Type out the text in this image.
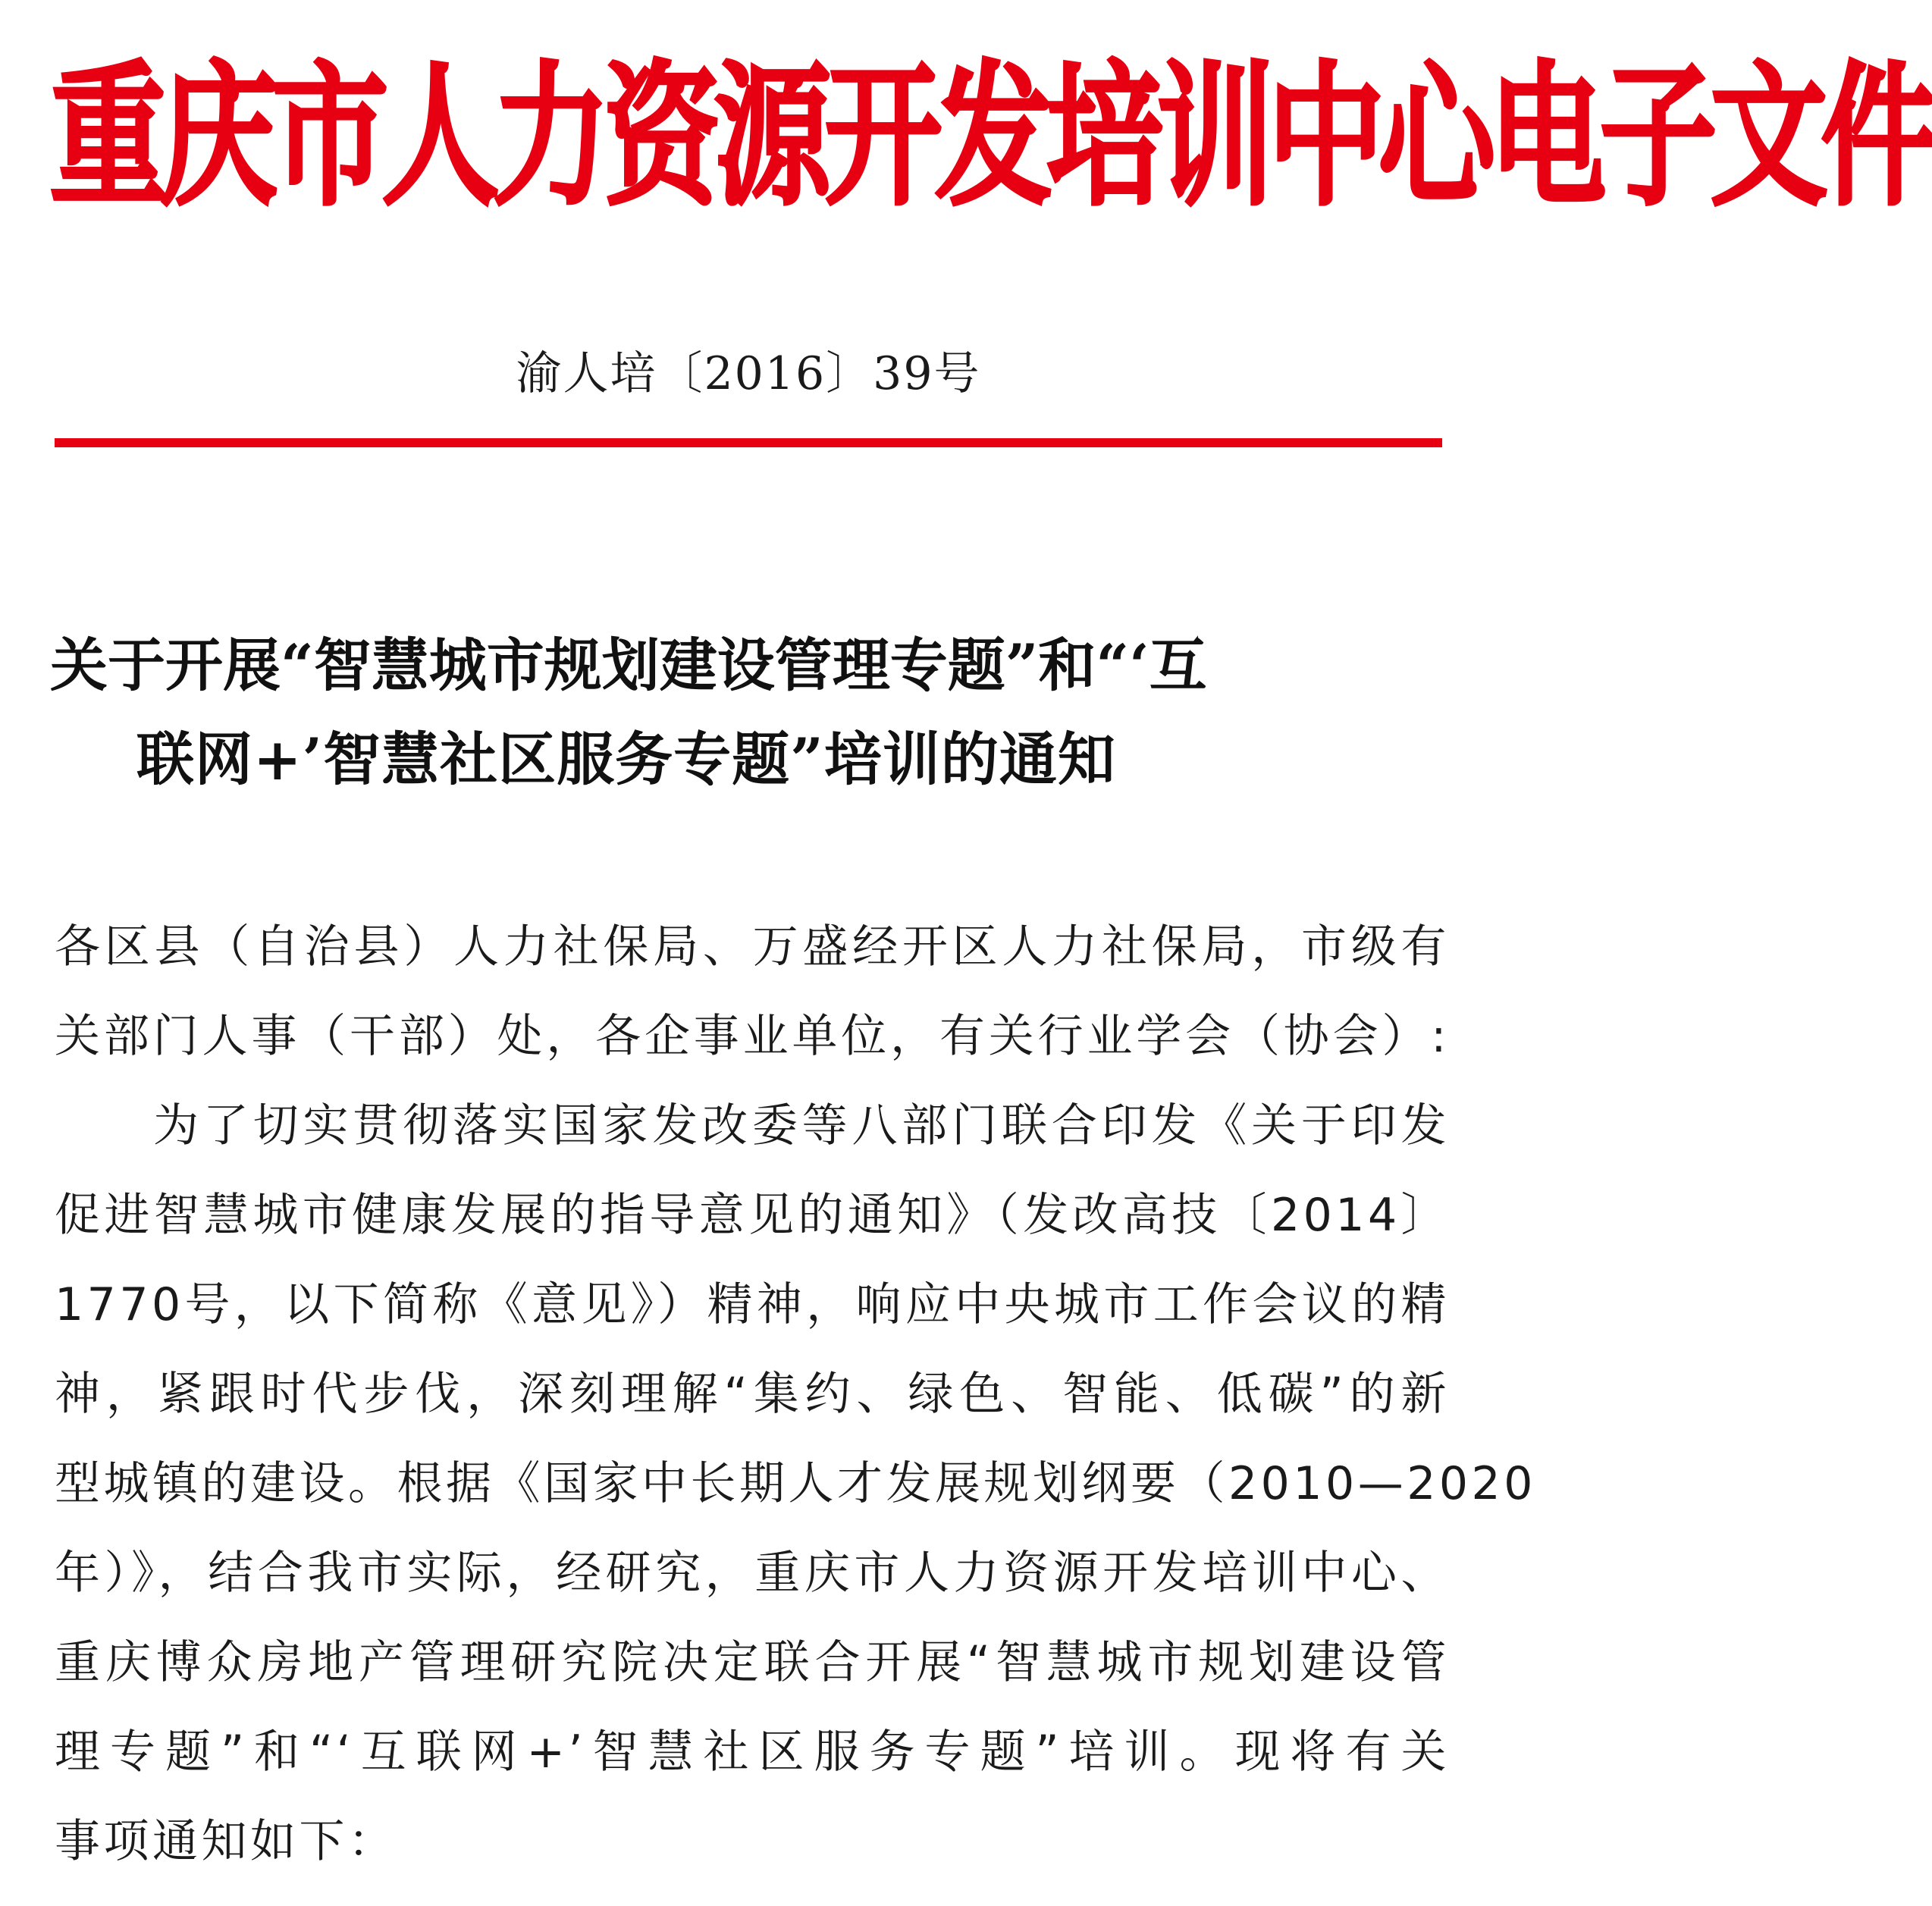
重庆市人力资源开发培训中心电子文件
渝人培〔2016〕39号
关于开展“智慧城市规划建设管理专题”和“‘互
联网+’智慧社区服务专题”培训的通知
各区县（自治县）人力社保局、万盛经开区人力社保局，市级有
关部门人事（干部）处，各企事业单位，有关行业学会（协会）:
为了切实贯彻落实国家发改委等八部门联合印发《关于印发
促进智慧城市健康发展的指导意见的通知》（发改高技〔2014〕
1770号，以下简称《意见》）精神，响应中央城市工作会议的精
神，紧跟时代步伐，深刻理解“集约、绿色、智能、低碳”的新
型城镇的建设。根据《国家中长期人才发展规划纲要（2010—2020
年）》，结合我市实际，经研究，重庆市人力资源开发培训中心、
重庆博众房地产管理研究院决定联合开展“智慧城市规划建设管
理专题”和“‘互联网+’智慧社区服务专题”培训。现将有关
事项通知如下：
